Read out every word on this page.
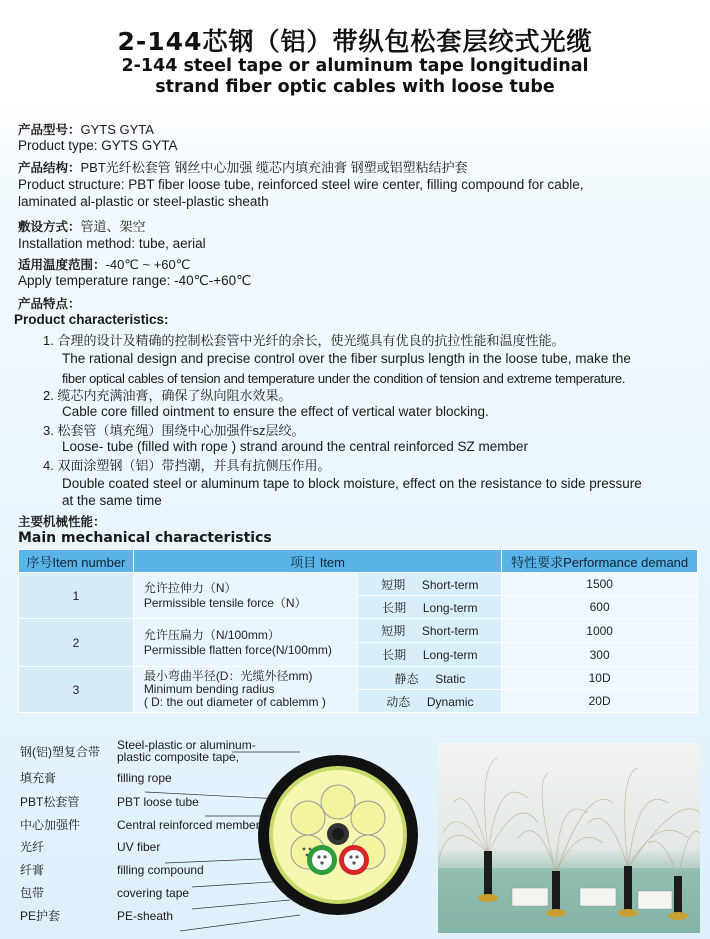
2-144芯钢（铝）带纵包松套层绞式光缆
2-144 steel tape or aluminum tape longitudinal
strand fiber optic cables with loose tube
产品型号：GYTS GYTA
Product type: GYTS GYTA
产品结构：PBT光纤松套管 钢丝中心加强 缆芯内填充油膏 钢塑或铝塑粘结护套
Product structure: PBT fiber loose tube, reinforced steel wire center, filling compound for cable,
laminated al-plastic or steel-plastic sheath
敷设方式：管道、架空
Installation method: tube, aerial
适用温度范围：-40℃ ~ +60℃
Apply temperature range: -40℃-+60℃
产品特点：
Product characteristics:
1. 合理的设计及精确的控制松套管中光纤的余长，使光缆具有优良的抗拉性能和温度性能。
The rational design and precise control over the fiber surplus length in the loose tube, make the
fiber optical cables of tension and temperature under the condition of tension and extreme temperature.
2. 缆芯内充满油膏，确保了纵向阻水效果。
Cable core filled ointment to ensure the effect of vertical water blocking.
3. 松套管（填充绳）围绕中心加强件sz层绞。
Loose- tube (filled with rope ) strand around the central reinforced SZ member
4. 双面涂塑钢（铝）带挡潮，并具有抗侧压作用。
Double coated steel or aluminum tape to block moisture, effect on the resistance to side pressure
at the same time
主要机械性能：
Main mechanical characteristics
序号Item number	项目 Item		特性要求Performance demand
1	允许拉伸力（N）
Permissible tensile force（N）	短期 Short-term	1500
		长期 Long-term	600
2	允许压扁力（N/100mm）
Permissible flatten force(N/100mm)	短期 Short-term	1000
		长期 Long-term	300
3	最小弯曲半径(D：光缆外径mm)
Minimum bending radius
( D: the out diameter of cablemm )	静态 Static	10D
		动态 Dynamic	20D
钢(铝)塑复合带 Steel-plastic or aluminum-
plastic composite tape,
填充膏	filling rope
PBT松套管	PBT loose tube
中心加强件	Central reinforced member
光纤	UV fiber
纤膏	filling compound
包带	covering tape
PE护套	PE-sheath
